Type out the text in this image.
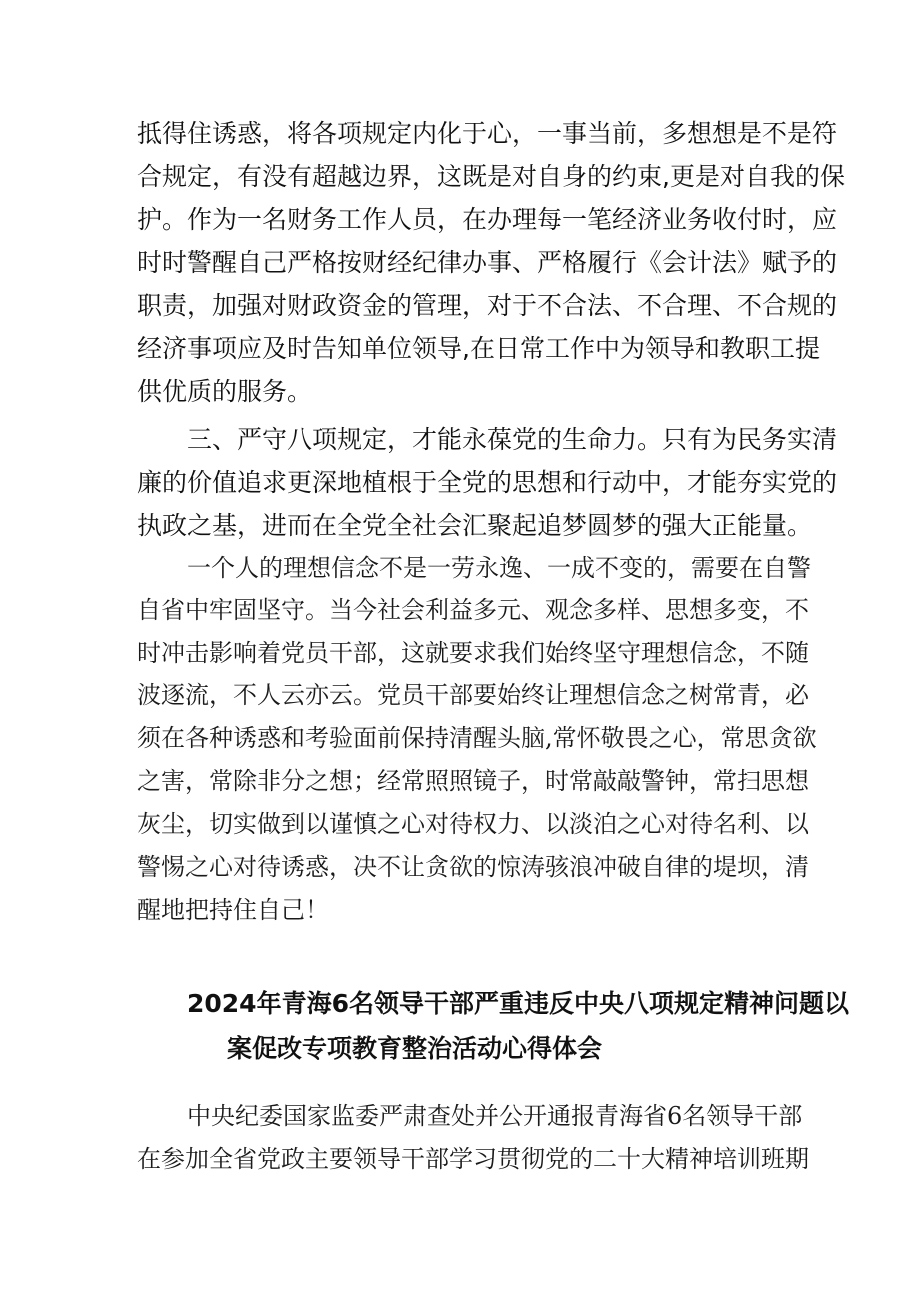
抵得住诱惑，将各项规定内化于心，一事当前，多想想是不是符
合规定，有没有超越边界，这既是对自身的约束,更是对自我的保
护。作为一名财务工作人员，在办理每一笔经济业务收付时，应
时时警醒自己严格按财经纪律办事、严格履行《会计法》赋予的
职责，加强对财政资金的管理，对于不合法、不合理、不合规的
经济事项应及时告知单位领导,在日常工作中为领导和教职工提
供优质的服务。
三、严守八项规定，才能永葆党的生命力。只有为民务实清
廉的价值追求更深地植根于全党的思想和行动中，才能夯实党的
执政之基，进而在全党全社会汇聚起追梦圆梦的强大正能量。
一个人的理想信念不是一劳永逸、一成不变的，需要在自警
自省中牢固坚守。当今社会利益多元、观念多样、思想多变，不
时冲击影响着党员干部，这就要求我们始终坚守理想信念，不随
波逐流，不人云亦云。党员干部要始终让理想信念之树常青，必
须在各种诱惑和考验面前保持清醒头脑,常怀敬畏之心，常思贪欲
之害，常除非分之想；经常照照镜子，时常敲敲警钟，常扫思想
灰尘，切实做到以谨慎之心对待权力、以淡泊之心对待名利、以
警惕之心对待诱惑，决不让贪欲的惊涛骇浪冲破自律的堤坝，清
醒地把持住自己！
2024年青海6名领导干部严重违反中央八项规定精神问题以
案促改专项教育整治活动心得体会
中央纪委国家监委严肃查处并公开通报青海省6名领导干部
在参加全省党政主要领导干部学习贯彻党的二十大精神培训班期
